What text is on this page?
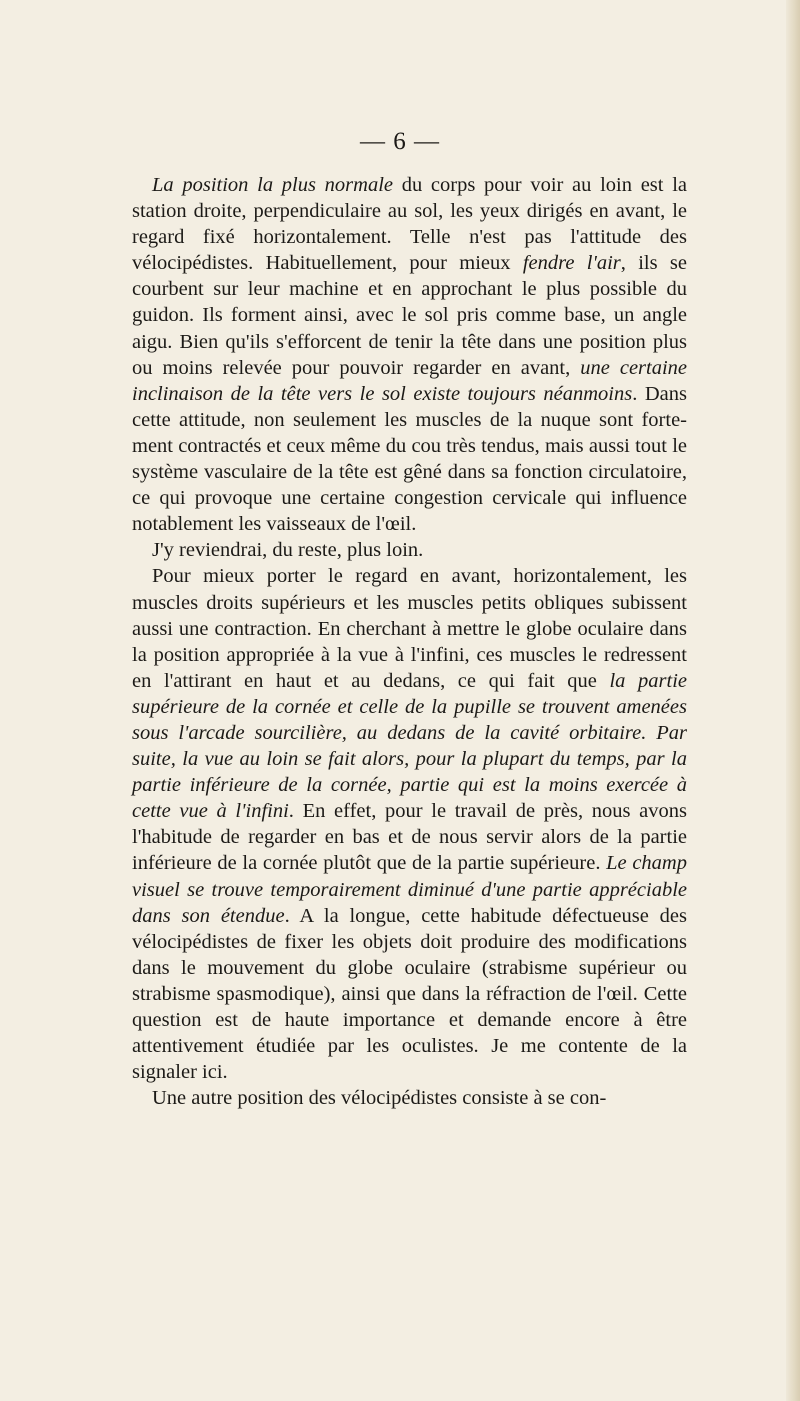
— 6 —

La position la plus normale du corps pour voir au loin est la station droite, perpendiculaire au sol, les yeux dirigés en avant, le regard fixé horizontalement. Telle n'est pas l'attitude des vélocipédistes. Habituellement, pour mieux fendre l'air, ils se courbent sur leur machine et en approchant le plus possible du guidon. Ils forment ainsi, avec le sol pris comme base, un angle aigu. Bien qu'ils s'efforcent de tenir la tête dans une position plus ou moins relevée pour pouvoir regarder en avant, une certaine inclinaison de la tête vers le sol existe toujours néanmoins. Dans cette attitude, non seulement les muscles de la nuque sont fortement contractés et ceux même du cou très tendus, mais aussi tout le système vasculaire de la tête est gêné dans sa fonction circulatoire, ce qui provoque une certaine congestion cervicale qui influence notablement les vaisseaux de l'œil.

J'y reviendrai, du reste, plus loin.

Pour mieux porter le regard en avant, horizontalement, les muscles droits supérieurs et les muscles petits obliques subissent aussi une contraction. En cherchant à mettre le globe oculaire dans la position appropriée à la vue à l'infini, ces muscles le redressent en l'attirant en haut et au dedans, ce qui fait que la partie supérieure de la cornée et celle de la pupille se trouvent amenées sous l'arcade sourcilière, au dedans de la cavité orbitaire. Par suite, la vue au loin se fait alors, pour la plupart du temps, par la partie inférieure de la cornée, partie qui est la moins exercée à cette vue à l'infini. En effet, pour le travail de près, nous avons l'habitude de regarder en bas et de nous servir alors de la partie inférieure de la cornée plutôt que de la partie supérieure. Le champ visuel se trouve temporairement diminué d'une partie appréciable dans son étendue. A la longue, cette habitude défectueuse des vélocipédistes de fixer les objets doit produire des modifications dans le mouvement du globe oculaire (strabisme supérieur ou strabisme spasmodique), ainsi que dans la réfraction de l'œil. Cette question est de haute importance et demande encore à être attentivement étudiée par les oculistes. Je me contente de la signaler ici.

Une autre position des vélocipédistes consiste à se con-
